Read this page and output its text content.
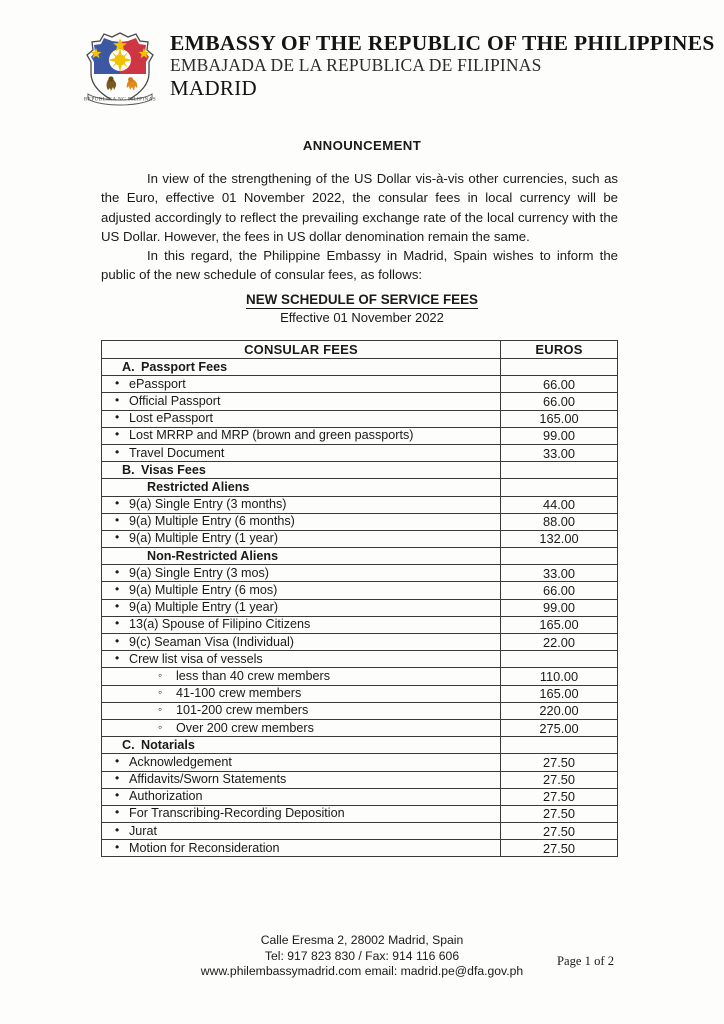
REPUBLIKA NG PILIPINAS
EMBASSY OF THE REPUBLIC OF THE PHILIPPINES
EMBAJADA DE LA REPUBLICA DE FILIPINAS
MADRID
ANNOUNCEMENT
In view of the strengthening of the US Dollar vis-à-vis other currencies, such as the Euro, effective 01 November 2022, the consular fees in local currency will be adjusted accordingly to reflect the prevailing exchange rate of the local currency with the US Dollar. However, the fees in US dollar denomination remain the same.
In this regard, the Philippine Embassy in Madrid, Spain wishes to inform the public of the new schedule of consular fees, as follows:
NEW SCHEDULE OF SERVICE FEES
Effective 01 November 2022
CONSULAR FEES	EUROS

A. Passport Fees	

• ePassport	66.00

• Official Passport	66.00

• Lost ePassport	165.00

• Lost MRRP and MRP (brown and green passports)	99.00

• Travel Document	33.00

B. Visas Fees	

Restricted Aliens	

• 9(a) Single Entry (3 months)	44.00

• 9(a) Multiple Entry (6 months)	88.00

• 9(a) Multiple Entry (1 year)	132.00

Non-Restricted Aliens	

• 9(a) Single Entry (3 mos)	33.00

• 9(a) Multiple Entry (6 mos)	66.00

• 9(a) Multiple Entry (1 year)	99.00

• 13(a) Spouse of Filipino Citizens	165.00

• 9(c) Seaman Visa (Individual)	22.00

• Crew list visa of vessels

◦ less than 40 crew members	110.00

◦ 41-100 crew members	165.00

◦ 101-200 crew members	220.00

◦ Over 200 crew members	275.00

C. Notarials	

• Acknowledgement	27.50

• Affidavits/Sworn Statements	27.50

• Authorization	27.50

• For Transcribing-Recording Deposition	27.50

• Jurat	27.50

• Motion for Reconsideration	27.50
Calle Eresma 2, 28002 Madrid, Spain
Tel: 917 823 830 / Fax: 914 116 606
www.philembassymadrid.com email: madrid.pe@dfa.gov.ph
Page 1 of 2
